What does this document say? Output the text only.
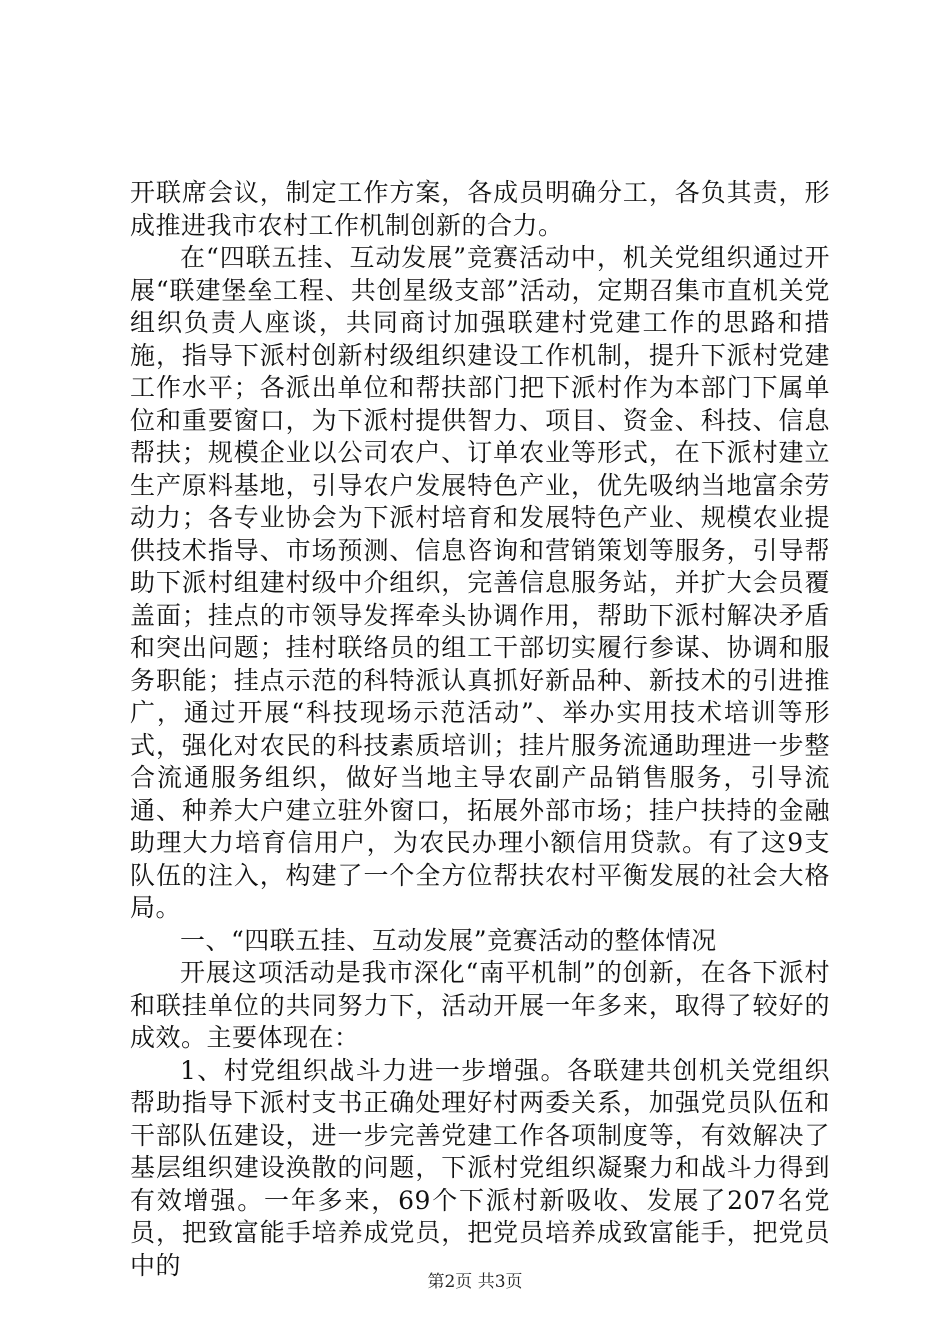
开联席会议，制定工作方案，各成员明确分工，各负其责，形成推进我市农村工作机制创新的合力。

在“四联五挂、互动发展”竞赛活动中，机关党组织通过开展“联建堡垒工程、共创星级支部”活动，定期召集市直机关党组织负责人座谈，共同商讨加强联建村党建工作的思路和措施，指导下派村创新村级组织建设工作机制，提升下派村党建工作水平；各派出单位和帮扶部门把下派村作为本部门下属单位和重要窗口，为下派村提供智力、项目、资金、科技、信息帮扶；规模企业以公司农户、订单农业等形式，在下派村建立生产原料基地，引导农户发展特色产业，优先吸纳当地富余劳动力；各专业协会为下派村培育和发展特色产业、规模农业提供技术指导、市场预测、信息咨询和营销策划等服务，引导帮助下派村组建村级中介组织，完善信息服务站，并扩大会员覆盖面；挂点的市领导发挥牵头协调作用，帮助下派村解决矛盾和突出问题；挂村联络员的组工干部切实履行参谋、协调和服务职能；挂点示范的科特派认真抓好新品种、新技术的引进推广，通过开展“科技现场示范活动”、举办实用技术培训等形式，强化对农民的科技素质培训；挂片服务流通助理进一步整合流通服务组织，做好当地主导农副产品销售服务，引导流通、种养大户建立驻外窗口，拓展外部市场；挂户扶持的金融助理大力培育信用户，为农民办理小额信用贷款。有了这9支队伍的注入，构建了一个全方位帮扶农村平衡发展的社会大格局。

一、“四联五挂、互动发展”竞赛活动的整体情况

开展这项活动是我市深化“南平机制”的创新，在各下派村和联挂单位的共同努力下，活动开展一年多来，取得了较好的成效。主要体现在：

1、村党组织战斗力进一步增强。各联建共创机关党组织帮助指导下派村支书正确处理好村两委关系，加强党员队伍和干部队伍建设，进一步完善党建工作各项制度等，有效解决了基层组织建设涣散的问题，下派村党组织凝聚力和战斗力得到有效增强。一年多来，69个下派村新吸收、发展了207名党员，把致富能手培养成党员，把党员培养成致富能手，把党员中的

第2页 共3页
